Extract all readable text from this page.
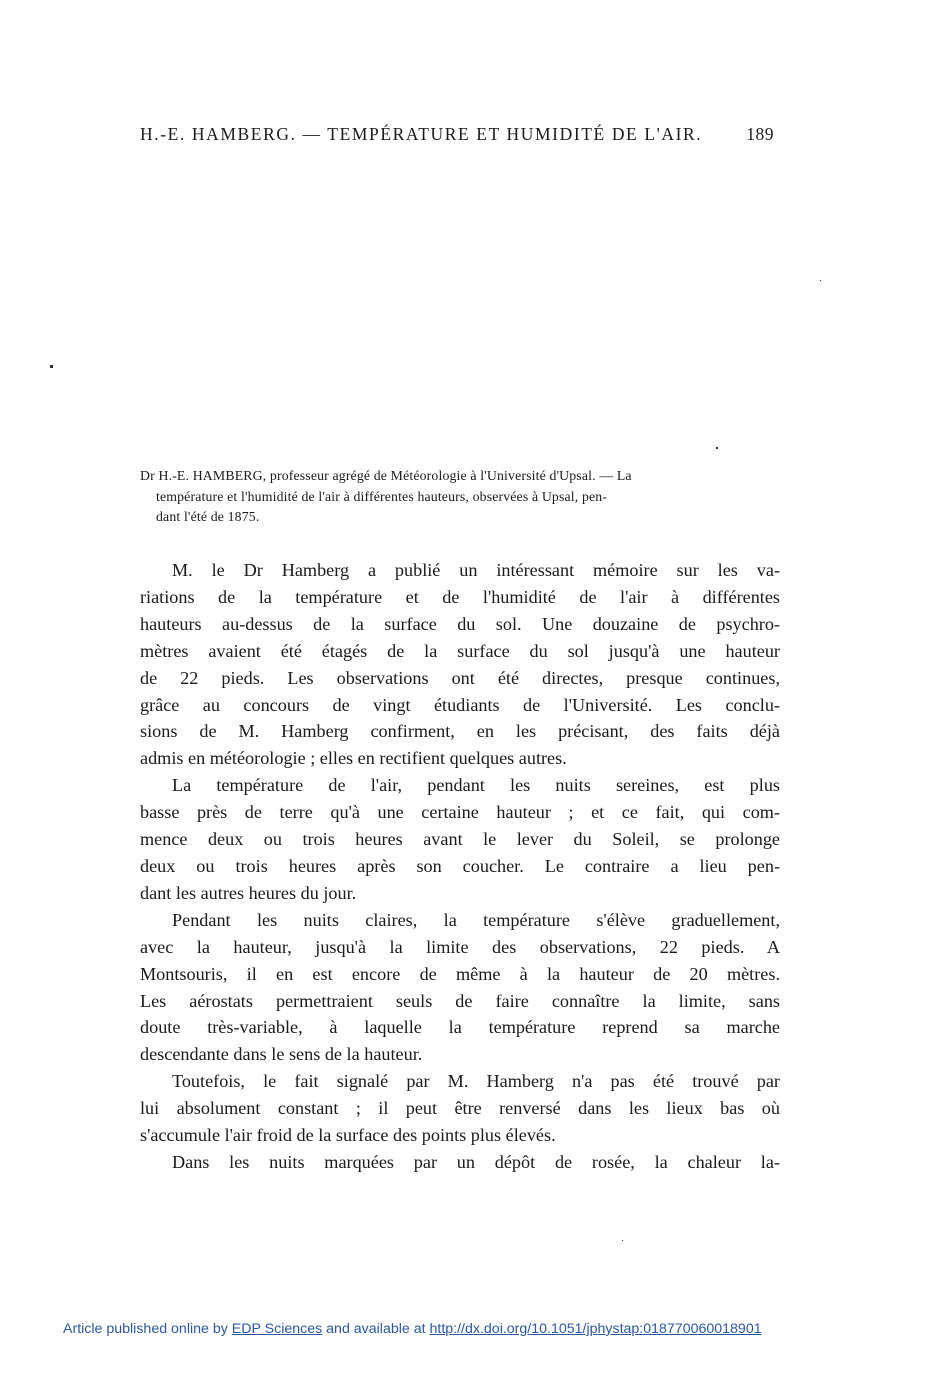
H.-E. HAMBERG. — TEMPÉRATURE ET HUMIDITÉ DE L'AIR.	189
Dr H.-E. HAMBERG, professeur agrégé de Météorologie à l'Université d'Upsal. — La
température et l'humidité de l'air à différentes hauteurs, observées à Upsal, pen-
dant l'été de 1875.
M. le Dr Hamberg a publié un intéressant mémoire sur les va-
riations de la température et de l'humidité de l'air à différentes
hauteurs au-dessus de la surface du sol. Une douzaine de psychro-
mètres avaient été étagés de la surface du sol jusqu'à une hauteur
de 22 pieds. Les observations ont été directes, presque continues,
grâce au concours de vingt étudiants de l'Université. Les conclu-
sions de M. Hamberg confirment, en les précisant, des faits déjà
admis en météorologie ; elles en rectifient quelques autres.
La température de l'air, pendant les nuits sereines, est plus
basse près de terre qu'à une certaine hauteur ; et ce fait, qui com-
mence deux ou trois heures avant le lever du Soleil, se prolonge
deux ou trois heures après son coucher. Le contraire a lieu pen-
dant les autres heures du jour.
Pendant les nuits claires, la température s'élève graduellement,
avec la hauteur, jusqu'à la limite des observations, 22 pieds. A
Montsouris, il en est encore de même à la hauteur de 20 mètres.
Les aérostats permettraient seuls de faire connaître la limite, sans
doute très-variable, à laquelle la température reprend sa marche
descendante dans le sens de la hauteur.
Toutefois, le fait signalé par M. Hamberg n'a pas été trouvé par
lui absolument constant ; il peut être renversé dans les lieux bas où
s'accumule l'air froid de la surface des points plus élevés.
Dans les nuits marquées par un dépôt de rosée, la chaleur la-
Article published online by EDP Sciences and available at http://dx.doi.org/10.1051/jphystap:018770060018901
